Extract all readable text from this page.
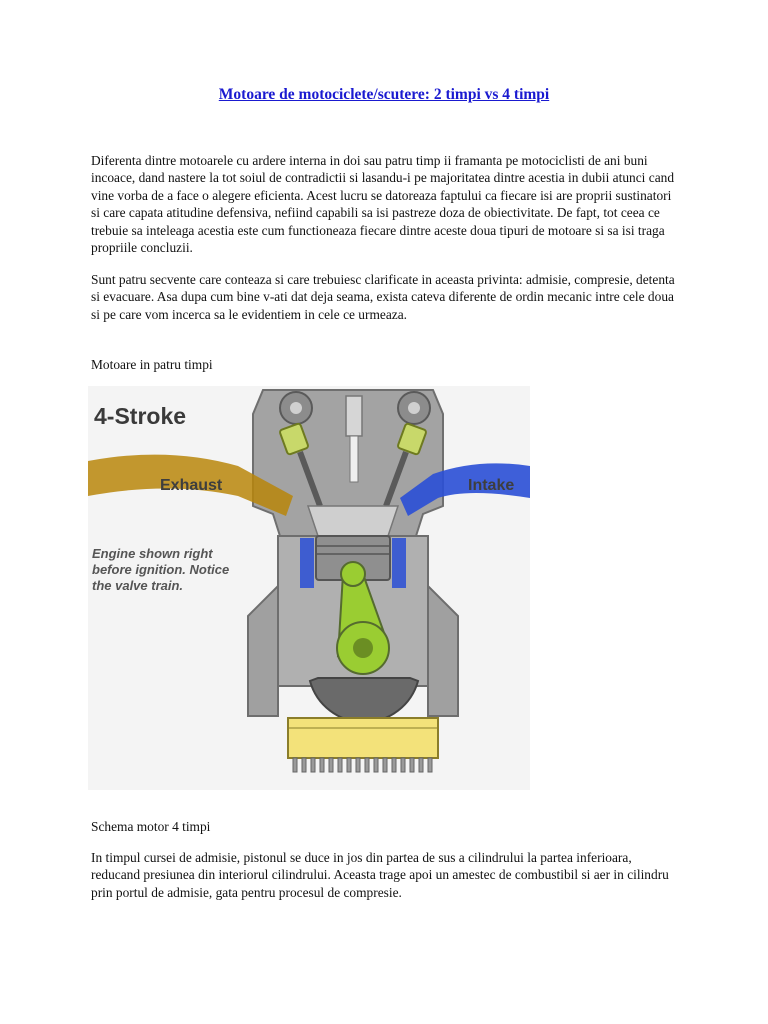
Motoare de motociclete/scutere: 2 timpi vs 4 timpi

Diferenta dintre motoarele cu ardere interna in doi sau patru timp ii framanta pe motociclisti de ani buni incoace, dand nastere la tot soiul de contradictii si lasandu-i pe majoritatea dintre acestia in dubii atunci cand vine vorba de a face o alegere eficienta. Acest lucru se datoreaza faptului ca fiecare isi are proprii sustinatori si care capata atitudine defensiva, nefiind capabili sa isi pastreze doza de obiectivitate. De fapt, tot ceea ce trebuie sa inteleaga acestia este cum functioneaza fiecare dintre aceste doua tipuri de motoare si sa isi traga propriile concluzii.

Sunt patru secvente care conteaza si care trebuiesc clarificate in aceasta privinta: admisie, compresie, detenta si evacuare. Asa dupa cum bine v-ati dat deja seama, exista cateva diferente de ordin mecanic intre cele doua si pe care vom incerca sa le evidentiem in cele ce urmeaza.

Motoare in patru timpi

4-Stroke
Exhaust	Intake
Engine shown right
before ignition. Notice
the valve train.

Schema motor 4 timpi

In timpul cursei de admisie, pistonul se duce in jos din partea de sus a cilindrului la partea inferioara, reducand presiunea din interiorul cilindrului. Aceasta trage apoi un amestec de combustibil si aer in cilindru prin portul de admisie, gata pentru procesul de compresie.
